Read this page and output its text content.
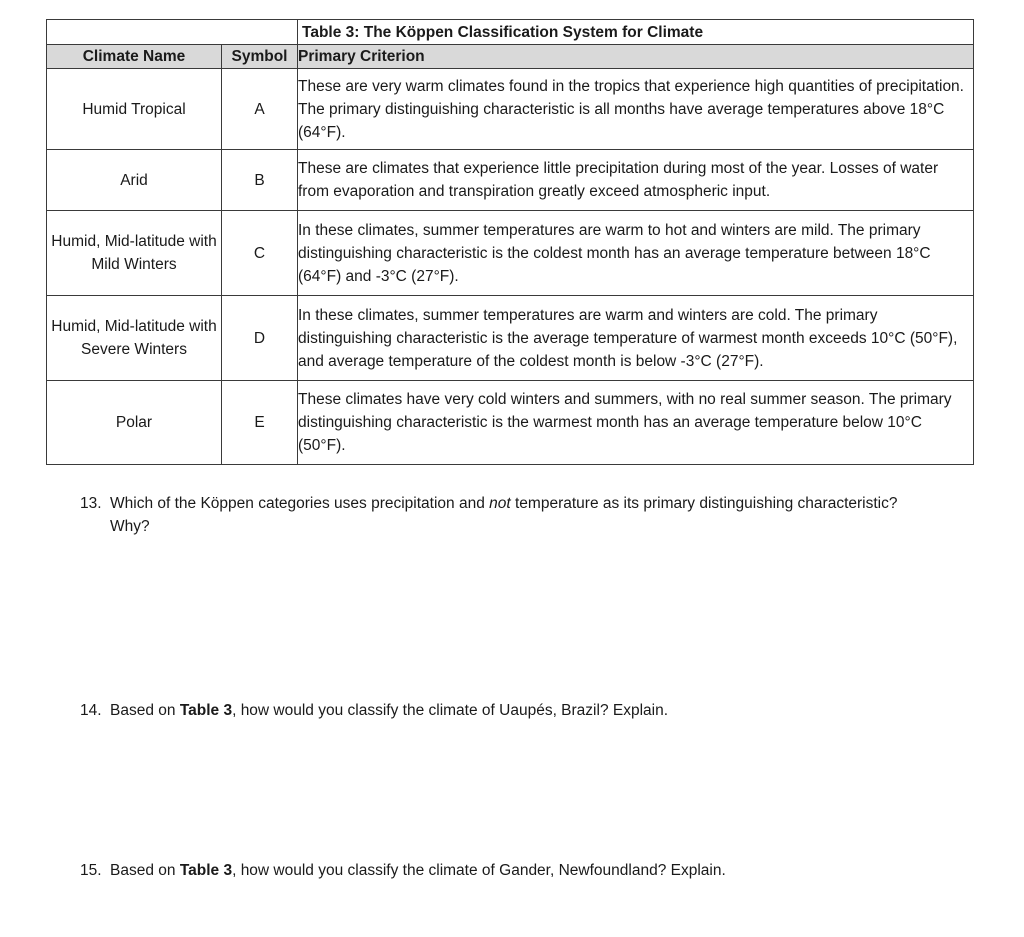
		Table 3: The Köppen Classification System for Climate
Climate Name	Symbol	Primary Criterion
Humid Tropical	A	These are very warm climates found in the tropics that experience high quantities of precipitation. The primary distinguishing characteristic is all months have average temperatures above 18°C (64°F).
Arid	B	These are climates that experience little precipitation during most of the year. Losses of water from evaporation and transpiration greatly exceed atmospheric input.
Humid, Mid-latitude with Mild Winters	C	In these climates, summer temperatures are warm to hot and winters are mild. The primary distinguishing characteristic is the coldest month has an average temperature between 18°C (64°F) and -3°C (27°F).
Humid, Mid-latitude with Severe Winters	D	In these climates, summer temperatures are warm and winters are cold. The primary distinguishing characteristic is the average temperature of warmest month exceeds 10°C (50°F), and average temperature of the coldest month is below -3°C (27°F).
Polar	E	These climates have very cold winters and summers, with no real summer season. The primary distinguishing characteristic is the warmest month has an average temperature below 10°C (50°F).
13. Which of the Köppen categories uses precipitation and not temperature as its primary distinguishing characteristic? Why?
14. Based on Table 3, how would you classify the climate of Uaupés, Brazil? Explain.
15. Based on Table 3, how would you classify the climate of Gander, Newfoundland? Explain.
